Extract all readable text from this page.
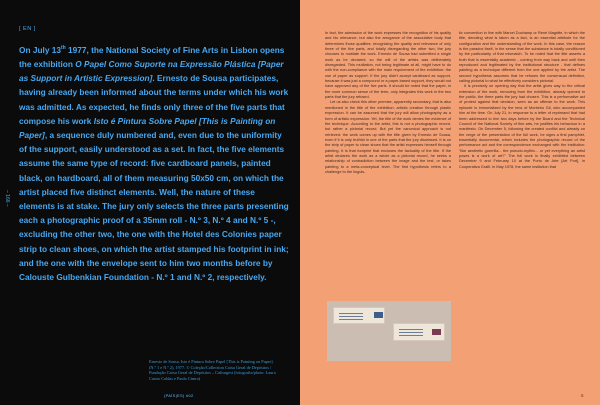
[ EN ]
On July 13th 1977, the National Society of Fine Arts in Lisbon opens the exhibition O Papel Como Suporte na Expressão Plástica [Paper as Support in Artistic Expression]. Ernesto de Sousa participates, having already been informed about the terms under which his work was admitted. As expected, he finds only three of the five parts that compose his work Isto é Pintura Sobre Papel [This is Painting on Paper], a sequence duly numbered and, even due to the uniformity of the support, easily understood as a set. In fact, the five elements assume the same type of record: five cardboard panels, painted black, on hardboard, all of them measuring 50x50 cm, on which the artist placed five distinct elements. Well, the nature of these elements is at stake. The jury only selects the three parts presenting each a photographic proof of a 35mm roll - N.º 3, N.º 4 and N.º 5 -, excluding the other two, the one with the Hotel des Colonies paper strip to clean shoes, on which the artist stamped his footprint in ink; and the one with the envelope sent to him two months before by Calouste Gulbenkian Foundation - N.º 1 and N.º 2, respectively.
– 166 –
Ernesto de Sousa, Isto é Pintura Sobre Papel [This is Painting on Paper], (N.º 1 e N.º 2), 1977. © Coleção/Collection Caixa Geral de Depósitos / Fundação Caixa Geral de Depósitos – Culturgest (fotografia/photo: Laura Castro Caldas e Paulo Cintra)
(PAÍS|ES) #02

In fact, the admission of the work expresses the recognition of his quality and his relevance, but also the arrogance of the associative body that determines those qualities: recognizing the quality and relevance of only three of the five parts, and totally disregarding the other two, the jury chooses to mutilate the work. Ernesto de Sousa had submitted a single work as he declared, so the will of the artists was deliberately disregarded. This mutilation, not being legitimate at all, might have to do with the non-compliance with the main requirement of the exhibition: the use of paper as support. If the jury didn't accept cardboard as support, because it was just a compound or a paper-based support, they would not have approved any of the five parts. It should be noted that the paper, in the more common sense of the term, only integrates this work in the two parts that the jury refused.

Let us also check this other premise, apparently secondary, that is also mentioned in the title of the exhibition: artistic creation through plastic expression. It can be assumed that the jury will allow photography as a form of artistic expression. Yet, the title of the work denies the evidence of the technique. According to the artist, this is not a photographic record, but rather a pictorial record. But yet the canonical approach is not retrieved: the work comes up with the title given by Ernesto de Sousa, even if it is only truthful in one of the parts that the jury dismissed. It is on the strip of paper to clean shoes that the artist expresses himself through painting. It is that footprint that encloses the factuality of the title. If the artist declares the work as a whole as a pictorial record, he seeks a relationship of contradiction between the image and the text, or takes painting to a meta-conceptual level. The first hypothesis refers to a challenge to the linguis-

tic convention in line with Marcel Duchamp or René Magritte, in which the title, denoting what is taken as a fact, is an essential attribute for the configuration and the understanding of the work. In this case, the reason is the paradox itself, in the sense that the substance is totally conditioned by the particularity of that mismatch. To be noted that the title asserts a truth that is essentially academic - coming from way back and until then reproduced and legitimated by the institutional structure - that defines painting as a technique different from the one applied by the artist. The second hypothesis assumes that he refuses the consensual definition, calling pictorial to what he effectively considers pictorial.

It is precisely on opening day that the artist gives way to the critical extension of the work, removing from the exhibition, already opened to the public, the three parts the jury had chosen. This is a performative act of protest against that decision, seen as an offense to the work. This episode is immortalized by the lens of Monteiro Gil, who accompanied him at the time. On July 21, in response to a letter of reprimand that had been addressed to him two days before by the Board and the Technical Council of the National Society of fine arts, he justifies his behaviour in a manifesto. On December 5, following the created conflict and already on the verge of the presentation of the full work, he signs a first pamphlet, essentially documental, which includes the photographic record of the performance act and the correspondence exchanged with the institution: "like aesthetic guerrilla... the pseudo-mythic... or yet everything an artist poses is a work of art?" The full work is finally exhibited between December 9 and February 10 at the Porto de Arte [Art Port], in Cooperativa Grafil. In May 1978, the same institution that

6
